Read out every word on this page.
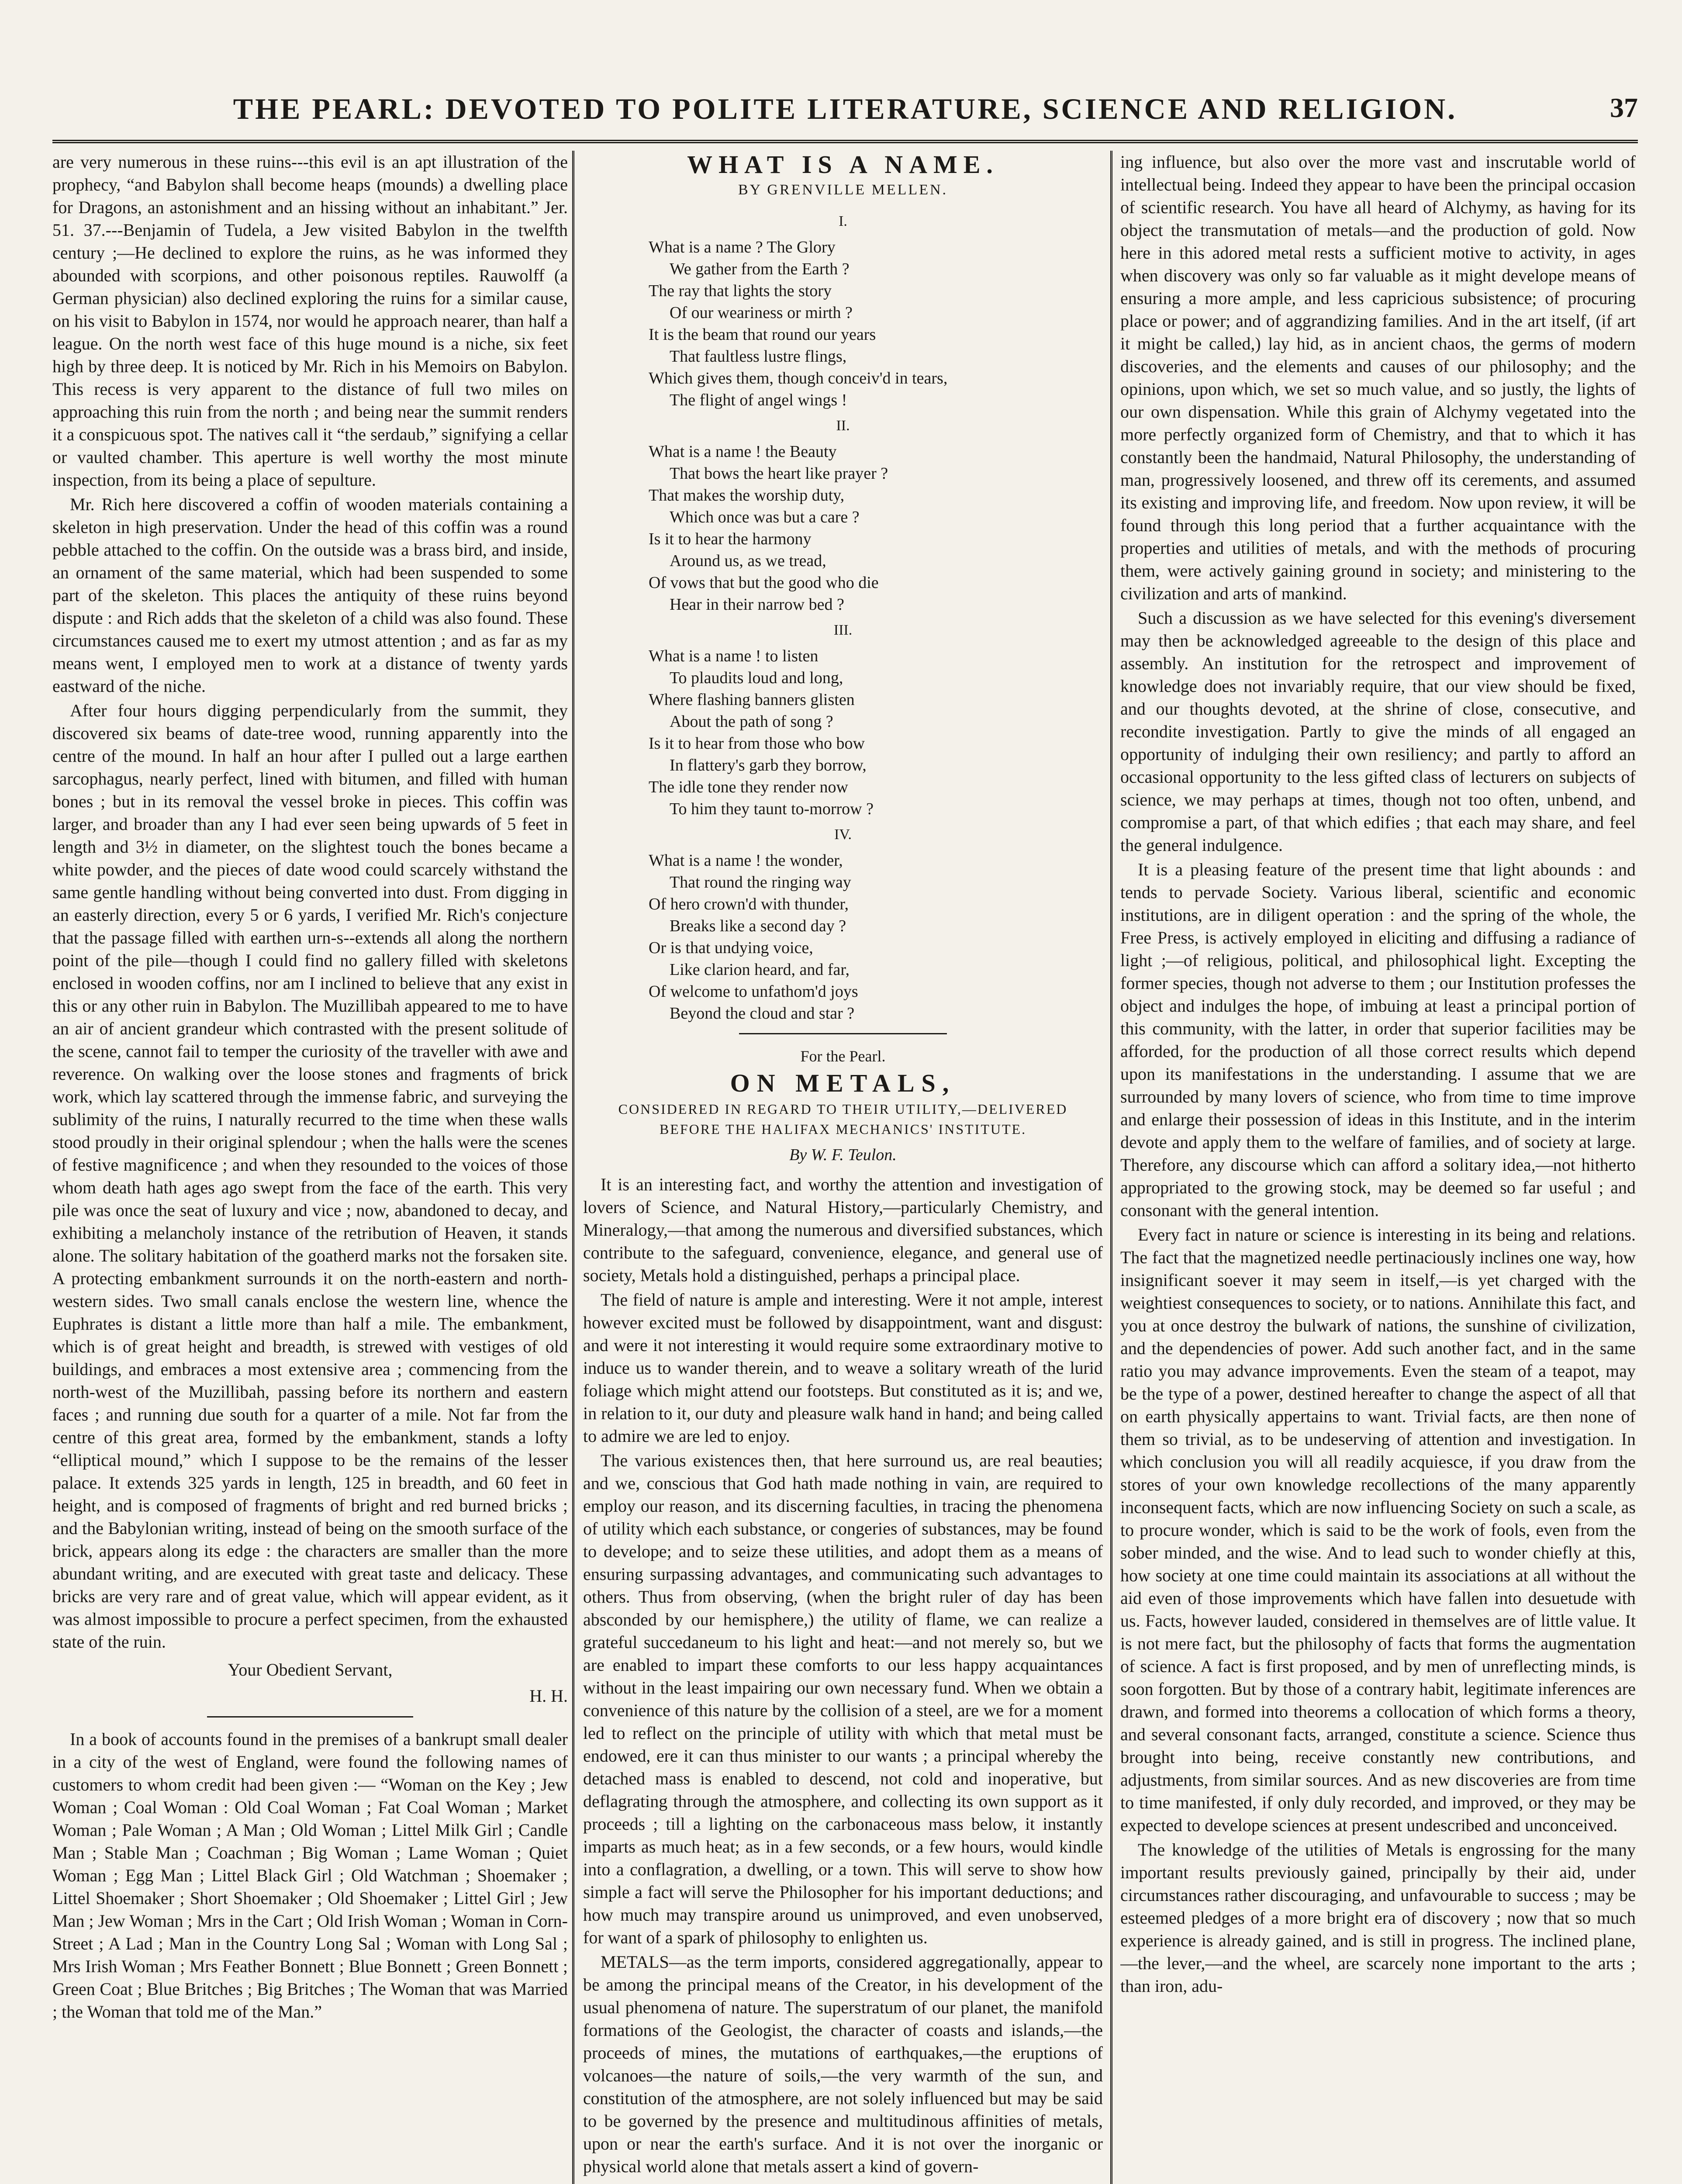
THE PEARL: DEVOTED TO POLITE LITERATURE, SCIENCE AND RELIGION.	37

are very numerous in these ruins---this evil is an apt illustration of the prophecy, “and Babylon shall become heaps (mounds) a dwelling place for Dragons, an astonishment and an hissing without an inhabitant.” Jer. 51. 37.---Benjamin of Tudela, a Jew visited Babylon in the twelfth century ;—He declined to explore the ruins, as he was informed they abounded with scorpions, and other poisonous reptiles. Rauwolff (a German physician) also declined exploring the ruins for a similar cause, on his visit to Babylon in 1574, nor would he approach nearer, than half a league. On the north west face of this huge mound is a niche, six feet high by three deep. It is noticed by Mr. Rich in his Memoirs on Babylon. This recess is very apparent to the distance of full two miles on approaching this ruin from the north ; and being near the summit renders it a conspicuous spot. The natives call it “the serdaub,” signifying a cellar or vaulted chamber. This aperture is well worthy the most minute inspection, from its being a place of sepulture.

Mr. Rich here discovered a coffin of wooden materials containing a skeleton in high preservation. Under the head of this coffin was a round pebble attached to the coffin. On the outside was a brass bird, and inside, an ornament of the same material, which had been suspended to some part of the skeleton. This places the antiquity of these ruins beyond dispute : and Rich adds that the skeleton of a child was also found. These circumstances caused me to exert my utmost attention ; and as far as my means went, I employed men to work at a distance of twenty yards eastward of the niche.

After four hours digging perpendicularly from the summit, they discovered six beams of date-tree wood, running apparently into the centre of the mound. In half an hour after I pulled out a large earthen sarcophagus, nearly perfect, lined with bitumen, and filled with human bones ; but in its removal the vessel broke in pieces. This coffin was larger, and broader than any I had ever seen being upwards of 5 feet in length and 3½ in diameter, on the slightest touch the bones became a white powder, and the pieces of date wood could scarcely withstand the same gentle handling without being converted into dust. From digging in an easterly direction, every 5 or 6 yards, I verified Mr. Rich's conjecture that the passage filled with earthen urn-s--extends all along the northern point of the pile—though I could find no gallery filled with skeletons enclosed in wooden coffins, nor am I inclined to believe that any exist in this or any other ruin in Babylon. The Muzillibah appeared to me to have an air of ancient grandeur which contrasted with the present solitude of the scene, cannot fail to temper the curiosity of the traveller with awe and reverence. On walking over the loose stones and fragments of brick work, which lay scattered through the immense fabric, and surveying the sublimity of the ruins, I naturally recurred to the time when these walls stood proudly in their original splendour ; when the halls were the scenes of festive magnificence ; and when they resounded to the voices of those whom death hath ages ago swept from the face of the earth. This very pile was once the seat of luxury and vice ; now, abandoned to decay, and exhibiting a melancholy instance of the retribution of Heaven, it stands alone. The solitary habitation of the goatherd marks not the forsaken site. A protecting embankment surrounds it on the north-eastern and north-western sides. Two small canals enclose the western line, whence the Euphrates is distant a little more than half a mile. The embankment, which is of great height and breadth, is strewed with vestiges of old buildings, and embraces a most extensive area ; commencing from the north-west of the Muzillibah, passing before its northern and eastern faces ; and running due south for a quarter of a mile. Not far from the centre of this great area, formed by the embankment, stands a lofty “elliptical mound,” which I suppose to be the remains of the lesser palace. It extends 325 yards in length, 125 in breadth, and 60 feet in height, and is composed of fragments of bright and red burned bricks ; and the Babylonian writing, instead of being on the smooth surface of the brick, appears along its edge : the characters are smaller than the more abundant writing, and are executed with great taste and delicacy. These bricks are very rare and of great value, which will appear evident, as it was almost impossible to procure a perfect specimen, from the exhausted state of the ruin.

Your Obedient Servant,

H. H.

In a book of accounts found in the premises of a bankrupt small dealer in a city of the west of England, were found the following names of customers to whom credit had been given :— “Woman on the Key ; Jew Woman ; Coal Woman : Old Coal Woman ; Fat Coal Woman ; Market Woman ; Pale Woman ; A Man ; Old Woman ; Littel Milk Girl ; Candle Man ; Stable Man ; Coachman ; Big Woman ; Lame Woman ; Quiet Woman ; Egg Man ; Littel Black Girl ; Old Watchman ; Shoemaker ; Littel Shoemaker ; Short Shoemaker ; Old Shoemaker ; Littel Girl ; Jew Man ; Jew Woman ; Mrs in the Cart ; Old Irish Woman ; Woman in Corn-Street ; A Lad ; Man in the Country Long Sal ; Woman with Long Sal ; Mrs Irish Woman ; Mrs Feather Bonnett ; Blue Bonnett ; Green Bonnett ; Green Coat ; Blue Britches ; Big Britches ; The Woman that was Married ; the Woman that told me of the Man.”

WHAT IS A NAME.
BY GRENVILLE MELLEN.
I.
What is a name ? The Glory
We gather from the Earth ?
The ray that lights the story
Of our weariness or mirth ?
It is the beam that round our years
That faultless lustre flings,
Which gives them, though conceiv'd in tears,
The flight of angel wings !
II.
What is a name ! the Beauty
That bows the heart like prayer ?
That makes the worship duty,
Which once was but a care ?
Is it to hear the harmony
Around us, as we tread,
Of vows that but the good who die
Hear in their narrow bed ?
III.
What is a name ! to listen
To plaudits loud and long,
Where flashing banners glisten
About the path of song ?
Is it to hear from those who bow
In flattery's garb they borrow,
The idle tone they render now
To him they taunt to-morrow ?
IV.
What is a name ! the wonder,
That round the ringing way
Of hero crown'd with thunder,
Breaks like a second day ?
Or is that undying voice,
Like clarion heard, and far,
Of welcome to unfathom'd joys
Beyond the cloud and star ?
For the Pearl.
ON METALS,
CONSIDERED IN REGARD TO THEIR UTILITY,—DELIVERED BEFORE THE HALIFAX MECHANICS' INSTITUTE.
By W. F. Teulon.

It is an interesting fact, and worthy the attention and investigation of lovers of Science, and Natural History,—particularly Chemistry, and Mineralogy,—that among the numerous and diversified substances, which contribute to the safeguard, convenience, elegance, and general use of society, Metals hold a distinguished, perhaps a principal place.

The field of nature is ample and interesting. Were it not ample, interest however excited must be followed by disappointment, want and disgust: and were it not interesting it would require some extraordinary motive to induce us to wander therein, and to weave a solitary wreath of the lurid foliage which might attend our footsteps. But constituted as it is; and we, in relation to it, our duty and pleasure walk hand in hand; and being called to admire we are led to enjoy.

The various existences then, that here surround us, are real beauties; and we, conscious that God hath made nothing in vain, are required to employ our reason, and its discerning faculties, in tracing the phenomena of utility which each substance, or congeries of substances, may be found to develope; and to seize these utilities, and adopt them as a means of ensuring surpassing advantages, and communicating such advantages to others. Thus from observing, (when the bright ruler of day has been absconded by our hemisphere,) the utility of flame, we can realize a grateful succedaneum to his light and heat:—and not merely so, but we are enabled to impart these comforts to our less happy acquaintances without in the least impairing our own necessary fund. When we obtain a convenience of this nature by the collision of a steel, are we for a moment led to reflect on the principle of utility with which that metal must be endowed, ere it can thus minister to our wants ; a principal whereby the detached mass is enabled to descend, not cold and inoperative, but deflagrating through the atmosphere, and collecting its own support as it proceeds ; till a lighting on the carbonaceous mass below, it instantly imparts as much heat; as in a few seconds, or a few hours, would kindle into a conflagration, a dwelling, or a town. This will serve to show how simple a fact will serve the Philosopher for his important deductions; and how much may transpire around us unimproved, and even unobserved, for want of a spark of philosophy to enlighten us.

METALS—as the term imports, considered aggregationally, appear to be among the principal means of the Creator, in his development of the usual phenomena of nature. The superstratum of our planet, the manifold formations of the Geologist, the character of coasts and islands,—the proceeds of mines, the mutations of earthquakes,—the eruptions of volcanoes—the nature of soils,—the very warmth of the sun, and constitution of the atmosphere, are not solely influenced but may be said to be governed by the presence and multitudinous affinities of metals, upon or near the earth's surface. And it is not over the inorganic or physical world alone that metals assert a kind of govern-

ing influence, but also over the more vast and inscrutable world of intellectual being. Indeed they appear to have been the principal occasion of scientific research. You have all heard of Alchymy, as having for its object the transmutation of metals—and the production of gold. Now here in this adored metal rests a sufficient motive to activity, in ages when discovery was only so far valuable as it might develope means of ensuring a more ample, and less capricious subsistence; of procuring place or power; and of aggrandizing families. And in the art itself, (if art it might be called,) lay hid, as in ancient chaos, the germs of modern discoveries, and the elements and causes of our philosophy; and the opinions, upon which, we set so much value, and so justly, the lights of our own dispensation. While this grain of Alchymy vegetated into the more perfectly organized form of Chemistry, and that to which it has constantly been the handmaid, Natural Philosophy, the understanding of man, progressively loosened, and threw off its cerements, and assumed its existing and improving life, and freedom. Now upon review, it will be found through this long period that a further acquaintance with the properties and utilities of metals, and with the methods of procuring them, were actively gaining ground in society; and ministering to the civilization and arts of mankind.

Such a discussion as we have selected for this evening's diversement may then be acknowledged agreeable to the design of this place and assembly. An institution for the retrospect and improvement of knowledge does not invariably require, that our view should be fixed, and our thoughts devoted, at the shrine of close, consecutive, and recondite investigation. Partly to give the minds of all engaged an opportunity of indulging their own resiliency; and partly to afford an occasional opportunity to the less gifted class of lecturers on subjects of science, we may perhaps at times, though not too often, unbend, and compromise a part, of that which edifies ; that each may share, and feel the general indulgence.

It is a pleasing feature of the present time that light abounds : and tends to pervade Society. Various liberal, scientific and economic institutions, are in diligent operation : and the spring of the whole, the Free Press, is actively employed in eliciting and diffusing a radiance of light ;—of religious, political, and philosophical light. Excepting the former species, though not adverse to them ; our Institution professes the object and indulges the hope, of imbuing at least a principal portion of this community, with the latter, in order that superior facilities may be afforded, for the production of all those correct results which depend upon its manifestations in the understanding. I assume that we are surrounded by many lovers of science, who from time to time improve and enlarge their possession of ideas in this Institute, and in the interim devote and apply them to the welfare of families, and of society at large. Therefore, any discourse which can afford a solitary idea,—not hitherto appropriated to the growing stock, may be deemed so far useful ; and consonant with the general intention.

Every fact in nature or science is interesting in its being and relations. The fact that the magnetized needle pertinaciously inclines one way, how insignificant soever it may seem in itself,—is yet charged with the weightiest consequences to society, or to nations. Annihilate this fact, and you at once destroy the bulwark of nations, the sunshine of civilization, and the dependencies of power. Add such another fact, and in the same ratio you may advance improvements. Even the steam of a teapot, may be the type of a power, destined hereafter to change the aspect of all that on earth physically appertains to want. Trivial facts, are then none of them so trivial, as to be undeserving of attention and investigation. In which conclusion you will all readily acquiesce, if you draw from the stores of your own knowledge recollections of the many apparently inconsequent facts, which are now influencing Society on such a scale, as to procure wonder, which is said to be the work of fools, even from the sober minded, and the wise. And to lead such to wonder chiefly at this, how society at one time could maintain its associations at all without the aid even of those improvements which have fallen into desuetude with us. Facts, however lauded, considered in themselves are of little value. It is not mere fact, but the philosophy of facts that forms the augmentation of science. A fact is first proposed, and by men of unreflecting minds, is soon forgotten. But by those of a contrary habit, legitimate inferences are drawn, and formed into theorems a collocation of which forms a theory, and several consonant facts, arranged, constitute a science. Science thus brought into being, receive constantly new contributions, and adjustments, from similar sources. And as new discoveries are from time to time manifested, if only duly recorded, and improved, or they may be expected to develope sciences at present undescribed and unconceived.

The knowledge of the utilities of Metals is engrossing for the many important results previously gained, principally by their aid, under circumstances rather discouraging, and unfavourable to success ; may be esteemed pledges of a more bright era of discovery ; now that so much experience is already gained, and is still in progress. The inclined plane,—the lever,—and the wheel, are scarcely none important to the arts ; than iron, adu-
